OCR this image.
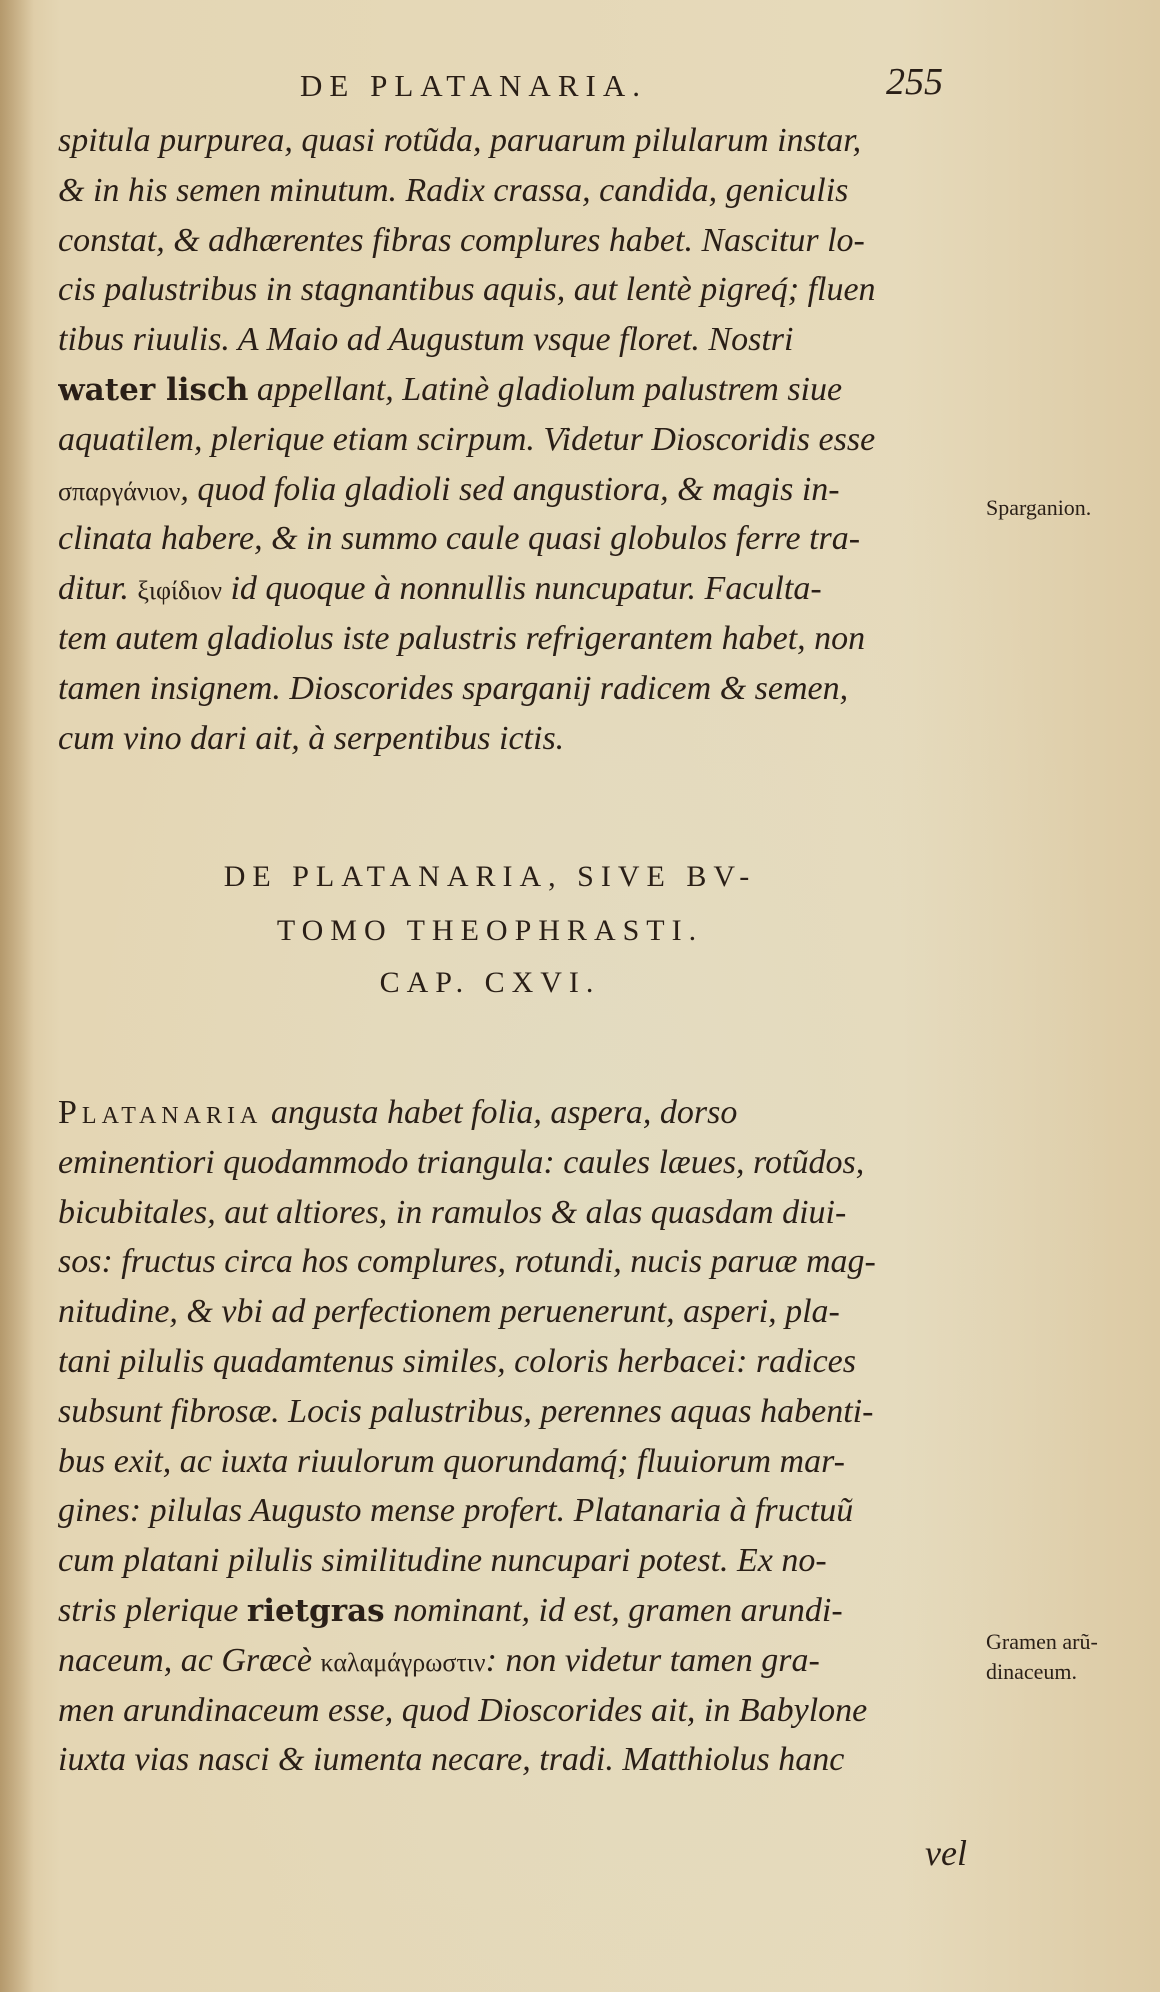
DE PLATANARIA.	255
spitula purpurea, quasi rotũda, paruarum pilularum instar,
& in his semen minutum. Radix crassa, candida, geniculis
constat, & adhærentes fibras complures habet. Nascitur lo-
cis palustribus in stagnantibus aquis, aut lentè pigreq́; fluen
tibus riuulis. A Maio ad Augustum vsque floret. Nostri
water lisch appellant, Latinè gladiolum palustrem siue
aquatilem, plerique etiam scirpum. Videtur Dioscoridis esse
σπαργάνιον, quod folia gladioli sed angustiora, & magis in-
clinata habere, & in summo caule quasi globulos ferre tra-
ditur. ξιφίδιον id quoque à nonnullis nuncupatur. Faculta-
tem autem gladiolus iste palustris refrigerantem habet, non
tamen insignem. Dioscorides sparganij radicem & semen,
cum vino dari ait, à serpentibus ictis.
DE PLATANARIA, SIVE BV-
TOMO THEOPHRASTI.
CAP. CXVI.
Platanaria angusta habet folia, aspera, dorso
eminentiori quodammodo triangula: caules læues, rotũdos,
bicubitales, aut altiores, in ramulos & alas quasdam diui-
sos: fructus circa hos complures, rotundi, nucis paruæ mag-
nitudine, & vbi ad perfectionem peruenerunt, asperi, pla-
tani pilulis quadamtenus similes, coloris herbacei: radices
subsunt fibrosæ. Locis palustribus, perennes aquas habenti-
bus exit, ac iuxta riuulorum quorundamq́; fluuiorum mar-
gines: pilulas Augusto mense profert. Platanaria à fructuũ
cum platani pilulis similitudine nuncupari potest. Ex no-
stris plerique rietgras nominant, id est, gramen arundi-
naceum, ac Græcè καλαμάγρωστιν: non videtur tamen gra-
men arundinaceum esse, quod Dioscorides ait, in Babylone
iuxta vias nasci & iumenta necare, tradi. Matthiolus hanc
Sparganion.
Gramen arũ-
dinaceum.
vel
